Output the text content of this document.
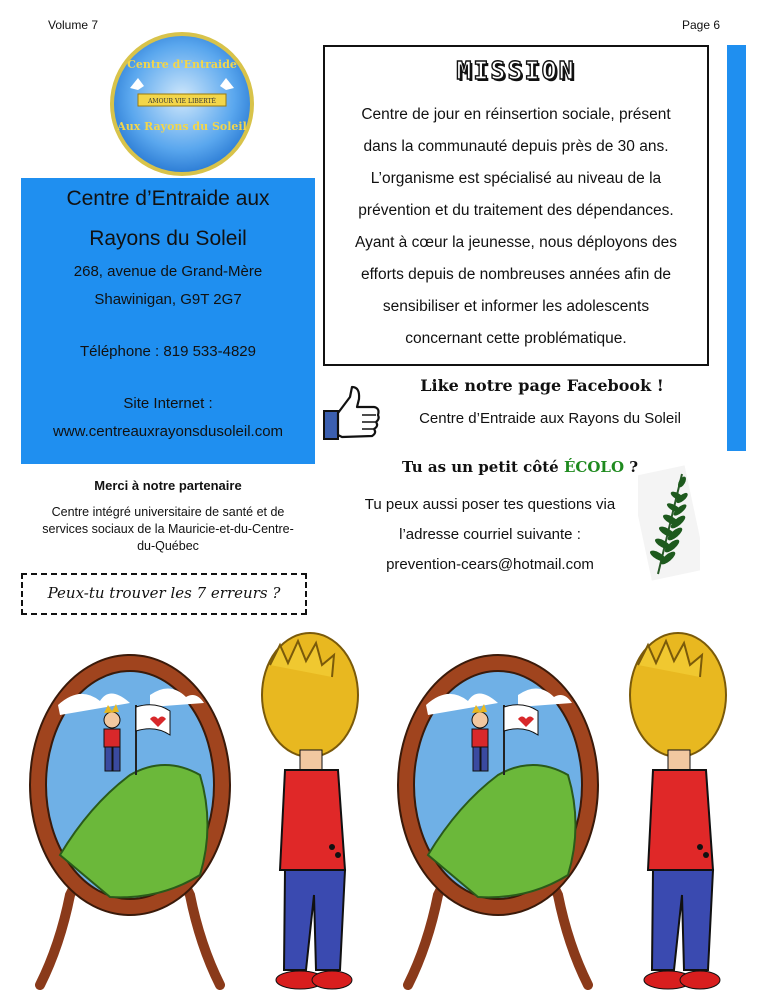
Volume 7	Page 6
Centre d'Entraide
AMOUR VIE LIBERTÉ
Aux Rayons du Soleil
Centre d’Entraide aux
Rayons du Soleil
268, avenue de Grand-Mère
Shawinigan, G9T 2G7
Téléphone : 819 533-4829
Site Internet :
www.centreauxrayonsdusoleil.com
Merci à notre partenaire
Centre intégré universitaire de santé et de
services sociaux de la Mauricie-et-du-Centre-
du-Québec
Peux-tu trouver les 7 erreurs ?
MISSION
Centre de jour en réinsertion sociale, présent
dans la communauté depuis près de 30 ans.
L’organisme est spécialisé au niveau de la
prévention et du traitement des dépendances.
Ayant à cœur la jeunesse, nous déployons des
efforts depuis de nombreuses années afin de
sensibiliser et informer les adolescents
concernant cette problématique.
Like notre page Facebook !
Centre d’Entraide aux Rayons du Soleil
Tu as un petit côté ÉCOLO ?
Tu peux aussi poser tes questions via
l’adresse courriel suivante :
prevention-cears@hotmail.com
